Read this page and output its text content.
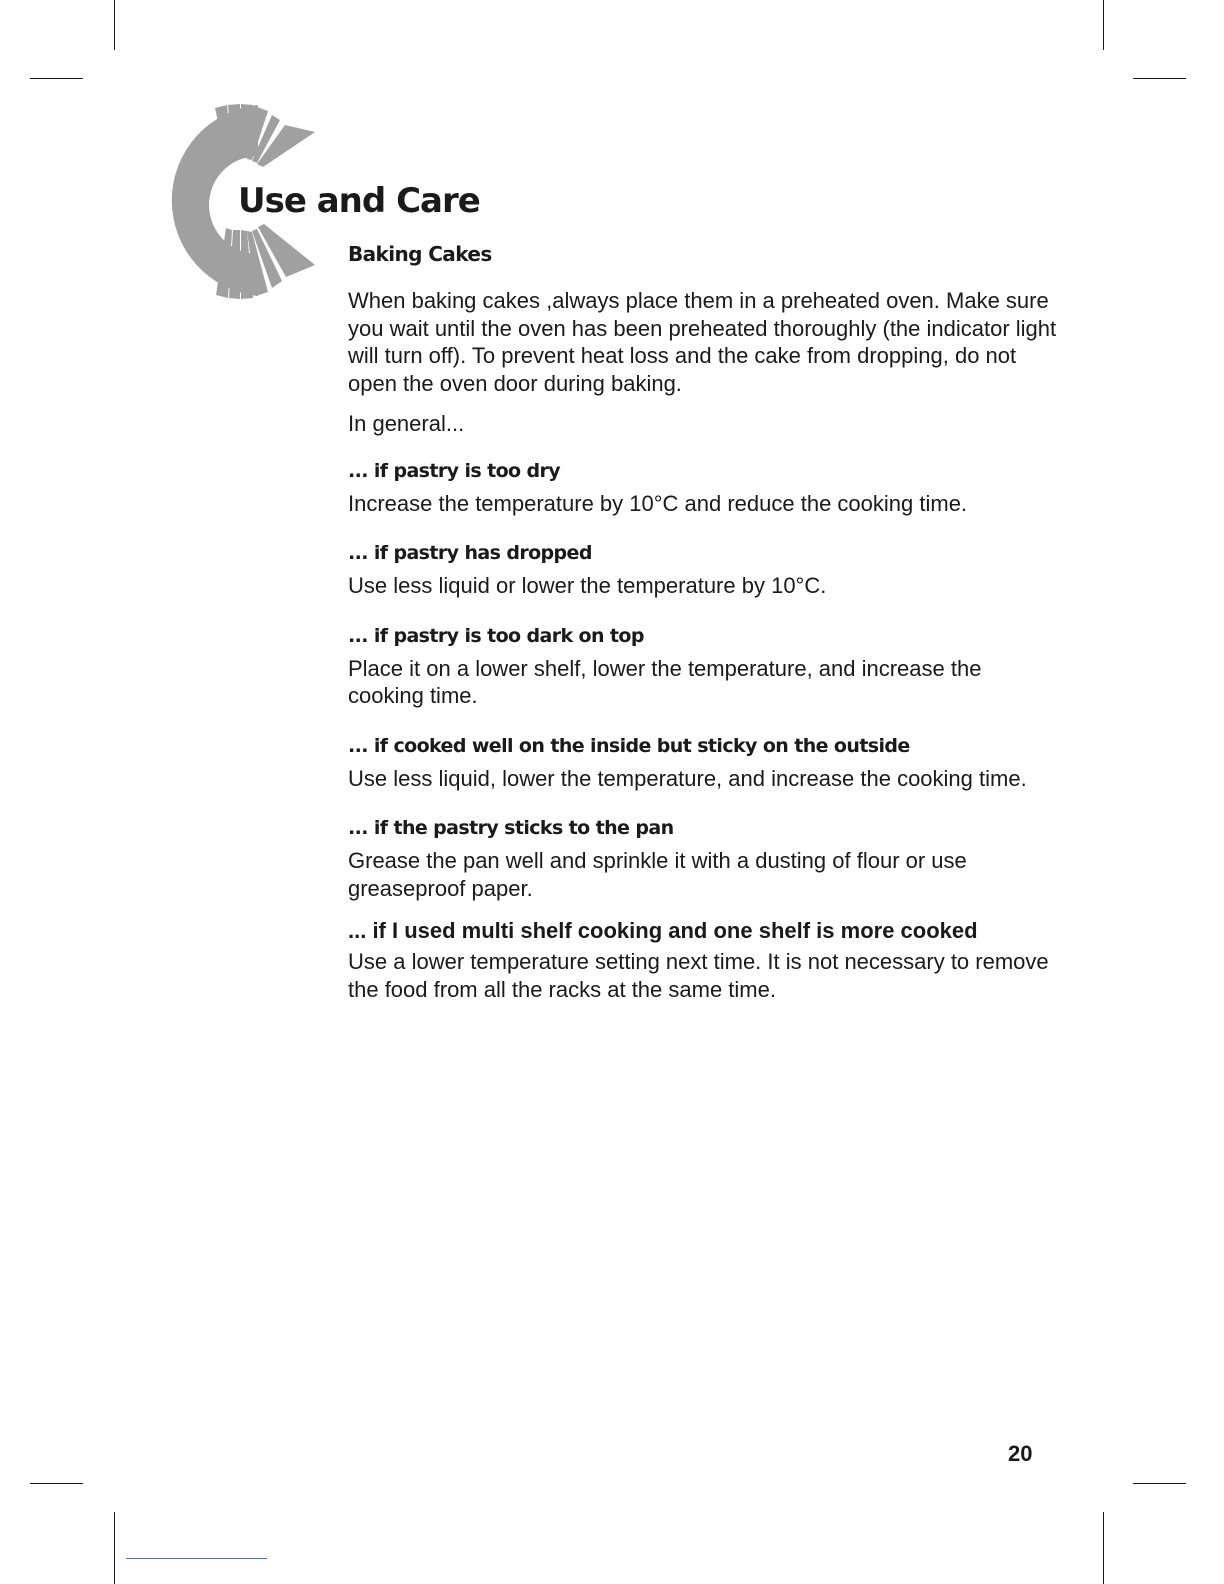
Use and Care
Baking Cakes

When baking cakes ,always place them in a preheated oven. Make sure you wait until the oven has been preheated thoroughly (the indicator light will turn off). To prevent heat loss and the cake from dropping, do not open the oven door during baking.

In general...

... if pastry is too dry

Increase the temperature by 10°C and reduce the cooking time.

... if pastry has dropped

Use less liquid or lower the temperature by 10°C.

... if pastry is too dark on top

Place it on a lower shelf, lower the temperature, and increase the cooking time.

... if cooked well on the inside but sticky on the outside

Use less liquid, lower the temperature, and increase the cooking time.

... if the pastry sticks to the pan

Grease the pan well and sprinkle it with a dusting of flour or use greaseproof paper.

... if I used multi shelf cooking and one shelf is more cooked

Use a lower temperature setting next time. It is not necessary to remove the food from all the racks at the same time.

20
